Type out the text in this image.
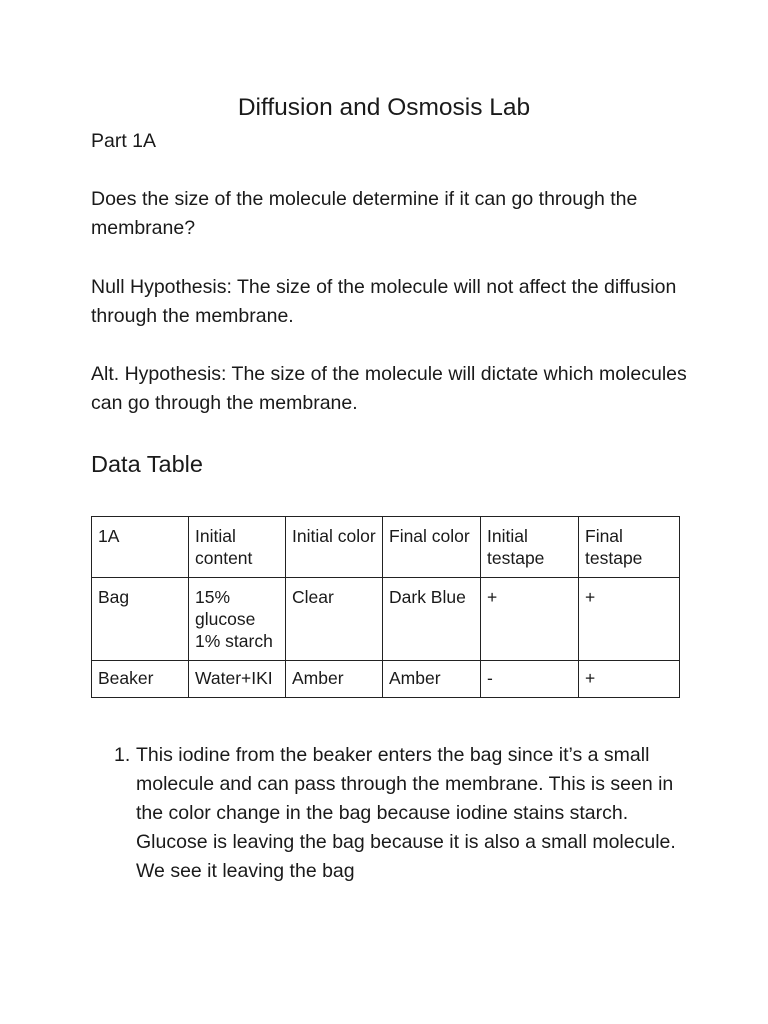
Diffusion and Osmosis Lab

Part 1A

Does the size of the molecule determine if it can go through the membrane?

Null Hypothesis: The size of the molecule will not affect the diffusion through the membrane.

Alt. Hypothesis: The size of the molecule will dictate which molecules can go through the membrane.

Data Table
1A	Initial content	Initial color	Final color	Initial testape	Final testape
Bag	15% glucose 1% starch	Clear	Dark Blue	+	+
Beaker	Water+IKI	Amber	Amber	-	+
1. This iodine from the beaker enters the bag since it’s a small molecule and can pass through the membrane. This is seen in the color change in the bag because iodine stains starch. Glucose is leaving the bag because it is also a small molecule. We see it leaving the bag
